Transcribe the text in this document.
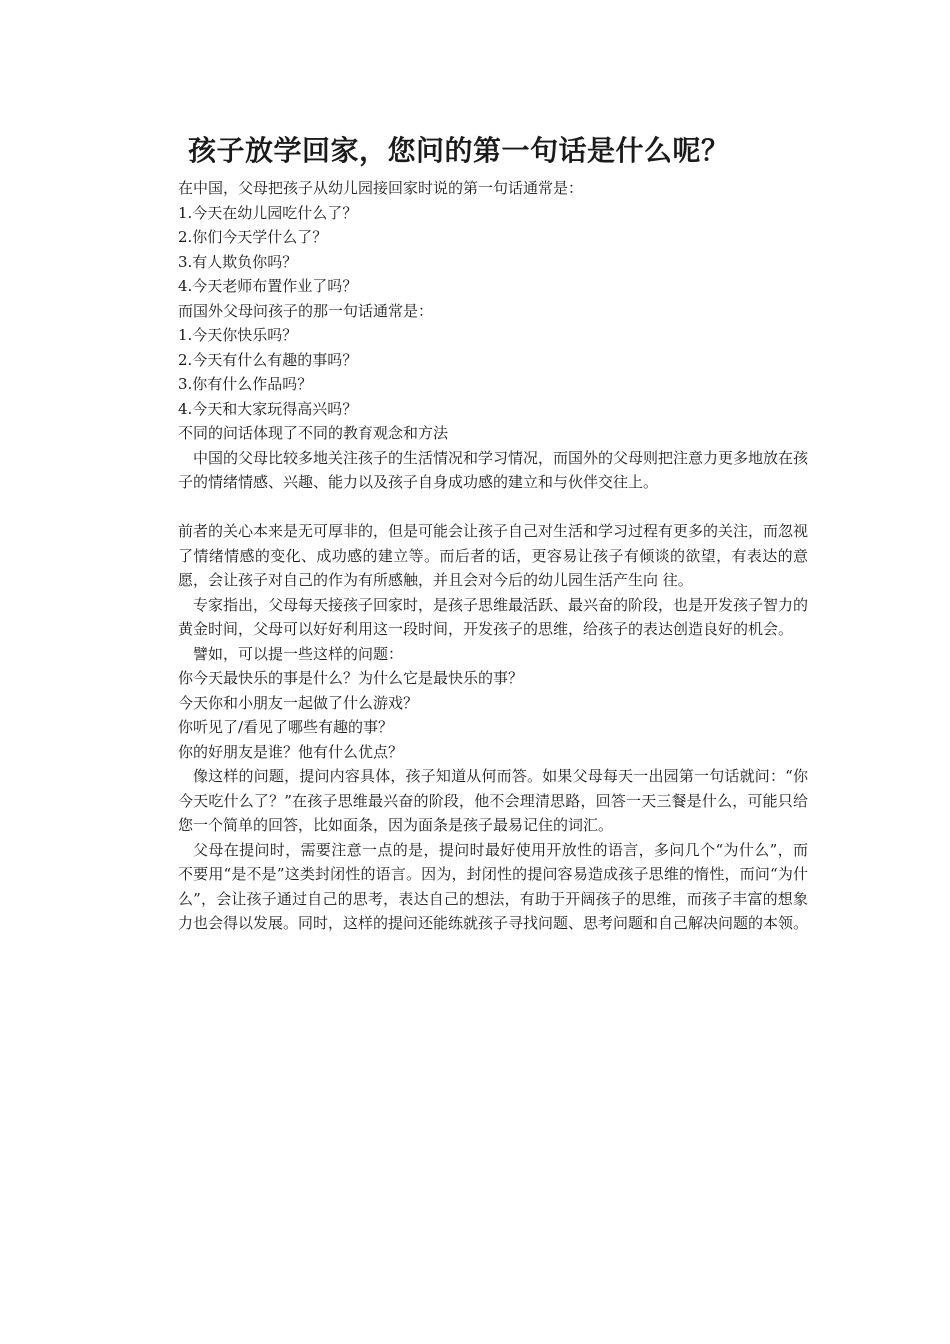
孩子放学回家，您问的第一句话是什么呢？

在中国，父母把孩子从幼儿园接回家时说的第一句话通常是：

1.今天在幼儿园吃什么了？

2.你们今天学什么了？

3.有人欺负你吗？

4.今天老师布置作业了吗？

而国外父母问孩子的那一句话通常是：

1.今天你快乐吗？

2.今天有什么有趣的事吗？

3.你有什么作品吗？

4.今天和大家玩得高兴吗？

不同的问话体现了不同的教育观念和方法

中国的父母比较多地关注孩子的生活情况和学习情况，而国外的父母则把注意力更多地放在孩子的情绪情感、兴趣、能力以及孩子自身成功感的建立和与伙伴交往上。

前者的关心本来是无可厚非的，但是可能会让孩子自己对生活和学习过程有更多的关注，而忽视了情绪情感的变化、成功感的建立等。而后者的话，更容易让孩子有倾谈的欲望，有表达的意愿，会让孩子对自己的作为有所感触，并且会对今后的幼儿园生活产生向 往。

专家指出，父母每天接孩子回家时，是孩子思维最活跃、最兴奋的阶段，也是开发孩子智力的黄金时间，父母可以好好利用这一段时间，开发孩子的思维，给孩子的表达创造良好的机会。

譬如，可以提一些这样的问题：

你今天最快乐的事是什么？为什么它是最快乐的事？

今天你和小朋友一起做了什么游戏？

你听见了/看见了哪些有趣的事？

你的好朋友是谁？他有什么优点？

像这样的问题，提问内容具体，孩子知道从何而答。如果父母每天一出园第一句话就问：“你今天吃什么了？”在孩子思维最兴奋的阶段，他不会理清思路，回答一天三餐是什么，可能只给您一个简单的回答，比如面条，因为面条是孩子最易记住的词汇。

父母在提问时，需要注意一点的是，提问时最好使用开放性的语言，多问几个“为什么”，而不要用“是不是”这类封闭性的语言。因为，封闭性的提问容易造成孩子思维的惰性，而问“为什么”，会让孩子通过自己的思考，表达自己的想法，有助于开阔孩子的思维，而孩子丰富的想象力也会得以发展。同时，这样的提问还能练就孩子寻找问题、思考问题和自己解决问题的本领。
